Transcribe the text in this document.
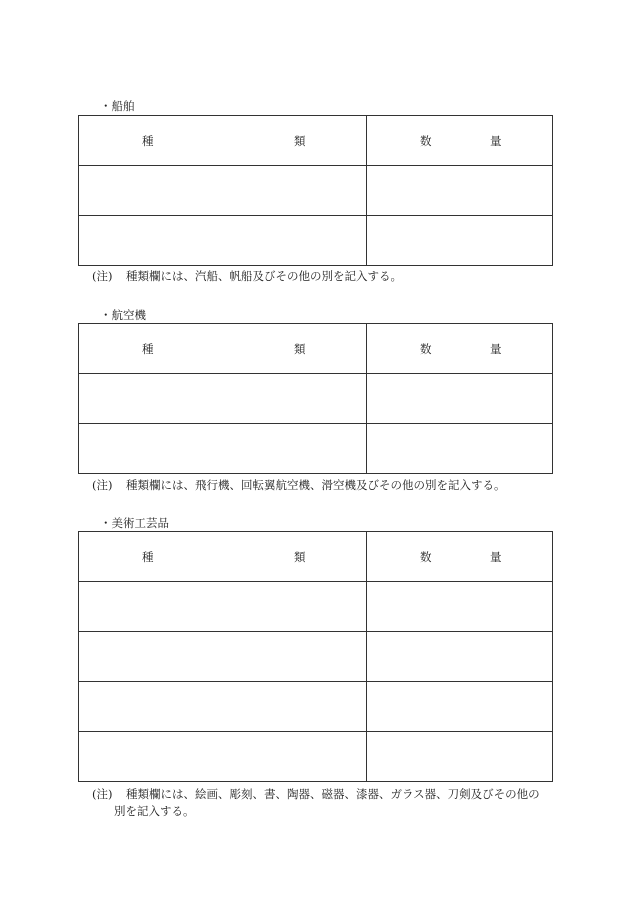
・船舶
種 類	数 量

(注) 種類欄には、汽船、帆船及びその他の別を記入する。
・航空機
種 類	数 量

(注) 種類欄には、飛行機、回転翼航空機、滑空機及びその他の別を記入する。
・美術工芸品
種 類	数 量

(注) 種類欄には、絵画、彫刻、書、陶器、磁器、漆器、ガラス器、刀剣及びその他の
別を記入する。
